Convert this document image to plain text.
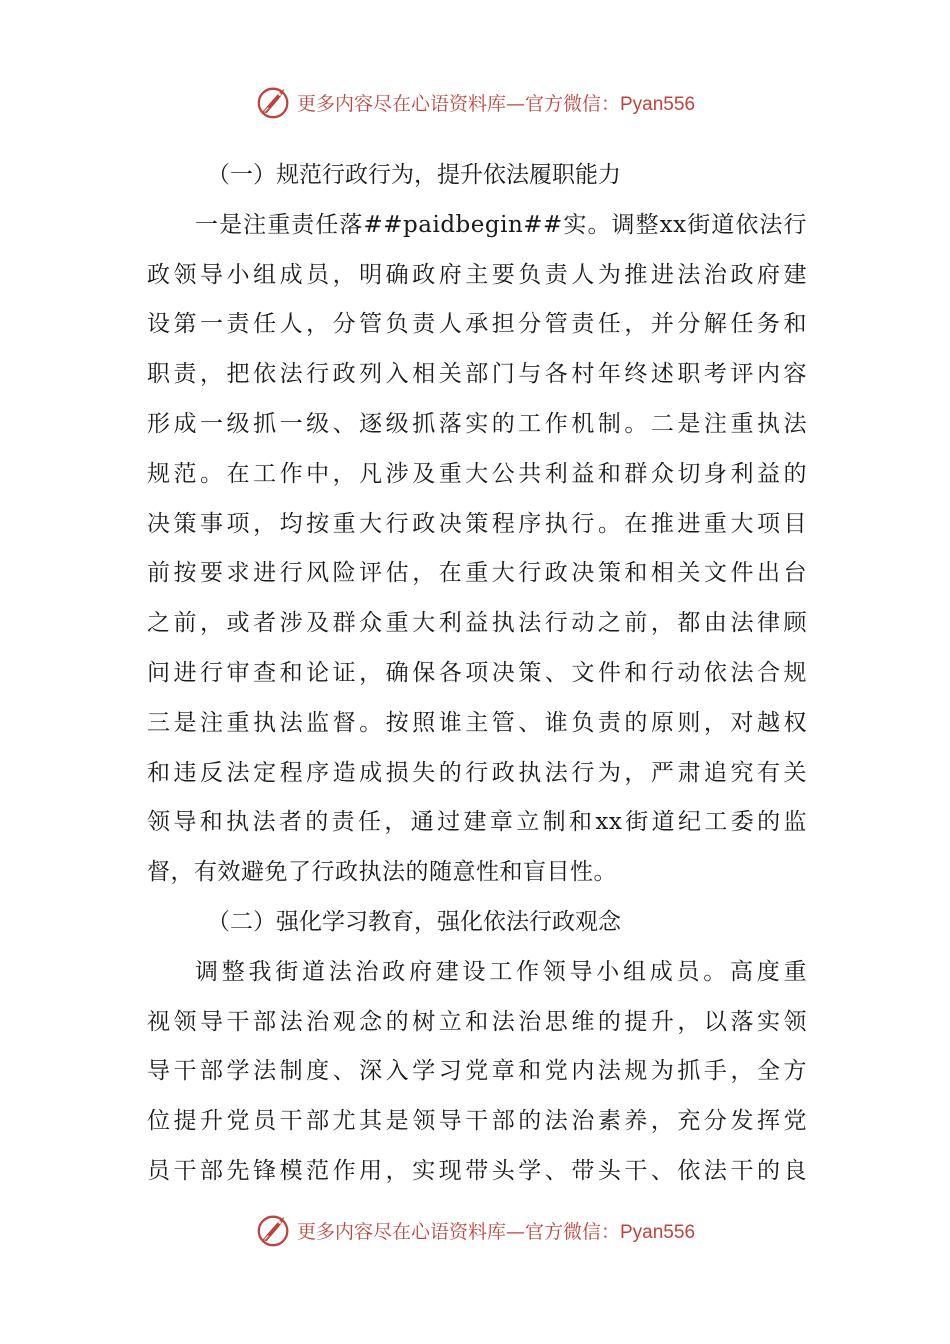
更多内容尽在心语资料库—官方微信：Pyan556
（一）规范行政行为，提升依法履职能力
一是注重责任落##paidbegin##实。调整xx街道依法行
政领导小组成员，明确政府主要负责人为推进法治政府建
设第一责任人，分管负责人承担分管责任，并分解任务和
职责，把依法行政列入相关部门与各村年终述职考评内容
形成一级抓一级、逐级抓落实的工作机制。二是注重执法
规范。在工作中，凡涉及重大公共利益和群众切身利益的
决策事项，均按重大行政决策程序执行。在推进重大项目
前按要求进行风险评估，在重大行政决策和相关文件出台
之前，或者涉及群众重大利益执法行动之前，都由法律顾
问进行审查和论证，确保各项决策、文件和行动依法合规
三是注重执法监督。按照谁主管、谁负责的原则，对越权
和违反法定程序造成损失的行政执法行为，严肃追究有关
领导和执法者的责任，通过建章立制和xx街道纪工委的监
督，有效避免了行政执法的随意性和盲目性。
（二）强化学习教育，强化依法行政观念
调整我街道法治政府建设工作领导小组成员。高度重
视领导干部法治观念的树立和法治思维的提升，以落实领
导干部学法制度、深入学习党章和党内法规为抓手，全方
位提升党员干部尤其是领导干部的法治素养，充分发挥党
员干部先锋模范作用，实现带头学、带头干、依法干的良
更多内容尽在心语资料库—官方微信：Pyan556
